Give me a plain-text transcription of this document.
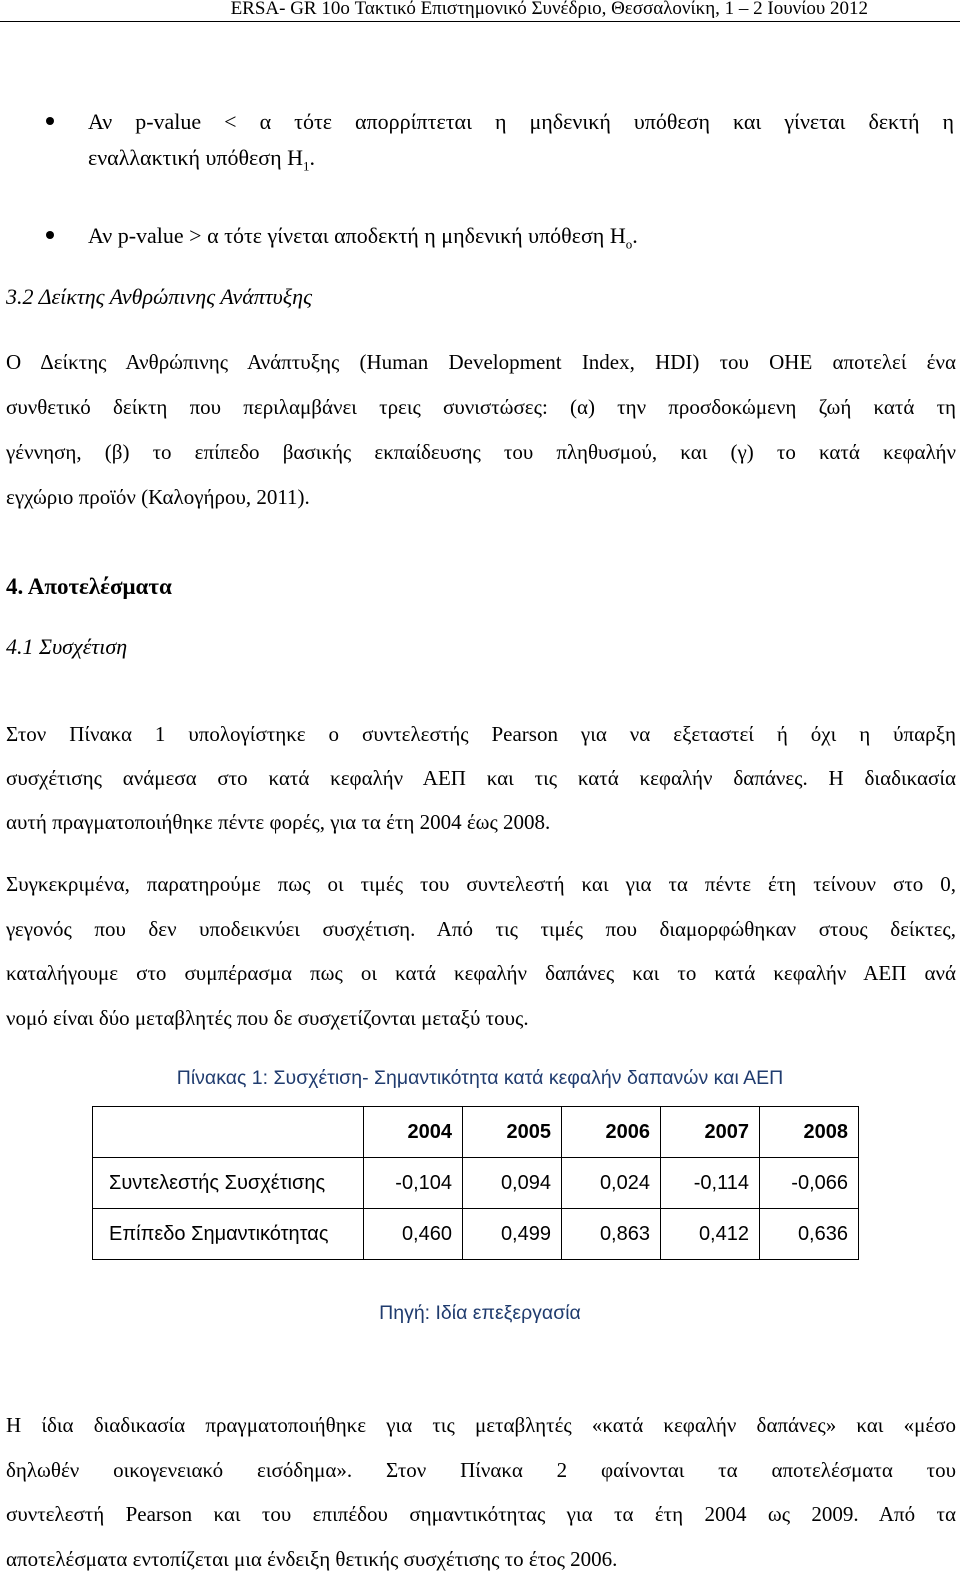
ERSA- GR 10o Τακτικό Επιστημονικό Συνέδριο, Θεσσαλονίκη, 1 – 2 Ιουνίου 2012
Αν p-value < α τότε απορρίπτεται η μηδενική υπόθεση και γίνεται δεκτή η
εναλλακτική υπόθεση $H_1$.
Αν p-value > α τότε γίνεται αποδεκτή η μηδενική υπόθεση $H_o$.
3.2 Δείκτης Ανθρώπινης Ανάπτυξης
Ο Δείκτης Ανθρώπινης Ανάπτυξης (Human Development Index, HDI) του ΟΗΕ αποτελεί ένα
συνθετικό δείκτη που περιλαμβάνει τρεις συνιστώσες: (α) την προσδοκώμενη ζωή κατά τη
γέννηση, (β) το επίπεδο βασικής εκπαίδευσης του πληθυσμού, και (γ) το κατά κεφαλήν
εγχώριο προϊόν (Καλογήρου, 2011).
4. Αποτελέσματα
4.1 Συσχέτιση
Στον Πίνακα 1 υπολογίστηκε ο συντελεστής Pearson για να εξεταστεί ή όχι η ύπαρξη
συσχέτισης ανάμεσα στο κατά κεφαλήν ΑΕΠ και τις κατά κεφαλήν δαπάνες. Η διαδικασία
αυτή πραγματοποιήθηκε πέντε φορές, για τα έτη 2004 έως 2008.
Συγκεκριμένα, παρατηρούμε πως οι τιμές του συντελεστή και για τα πέντε έτη τείνουν στο 0,
γεγονός που δεν υποδεικνύει συσχέτιση. Από τις τιμές που διαμορφώθηκαν στους δείκτες,
καταλήγουμε στο συμπέρασμα πως οι κατά κεφαλήν δαπάνες και το κατά κεφαλήν ΑΕΠ ανά
νομό είναι δύο μεταβλητές που δε συσχετίζονται μεταξύ τους.
Πίνακας 1: Συσχέτιση- Σημαντικότητα κατά κεφαλήν δαπανών και ΑΕΠ
	2004	2005	2006	2007	2008
Συντελεστής Συσχέτισης	-0,104	0,094	0,024	-0,114	-0,066
Επίπεδο Σημαντικότητας	0,460	0,499	0,863	0,412	0,636
Πηγή: Ιδία επεξεργασία
Η ίδια διαδικασία πραγματοποιήθηκε για τις μεταβλητές «κατά κεφαλήν δαπάνες» και «μέσο
δηλωθέν οικογενειακό εισόδημα». Στον Πίνακα 2 φαίνονται τα αποτελέσματα του
συντελεστή Pearson και του επιπέδου σημαντικότητας για τα έτη 2004 ως 2009. Από τα
αποτελέσματα εντοπίζεται μια ένδειξη θετικής συσχέτισης το έτος 2006.
